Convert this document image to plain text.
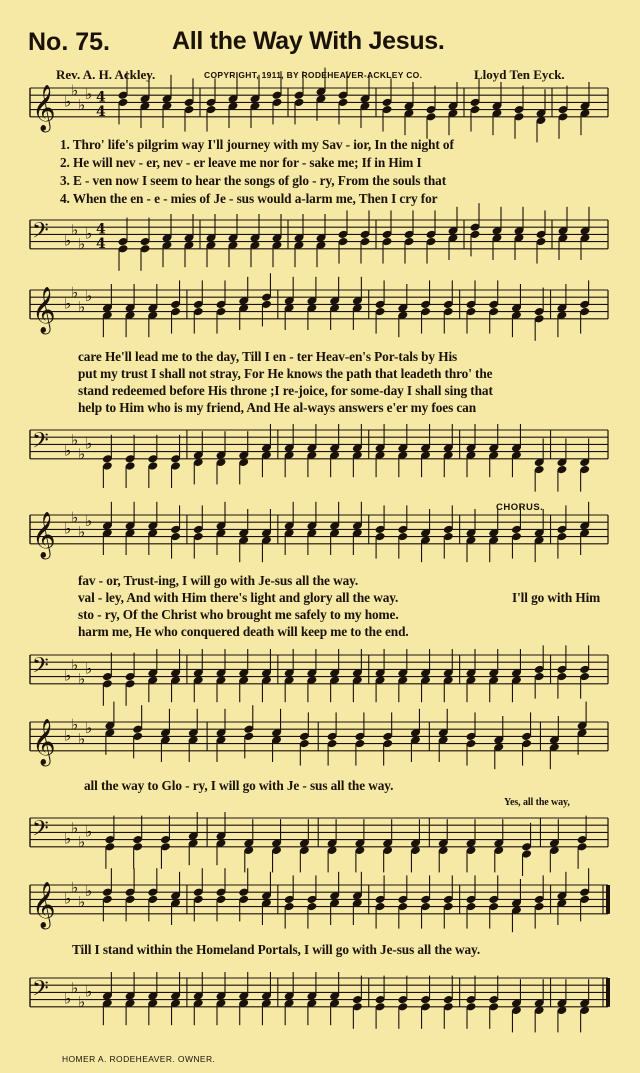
No. 75. All the Way With Jesus.
Rev. A. H. Ackley.	COPYRIGHT, 1911, BY RODEHEAVER-ACKLEY CO.	Lloyd Ten Eyck.
𝄞 ♭
♭
♭
♭ 4
4
1. Thro' life's pilgrim way I'll journey with my Sav - ior, In the night of
2. He will nev - er, nev - er leave me nor for - sake me; If in Him I
3. E - ven now I seem to hear the songs of glo - ry, From the souls that
4. When the en - e - mies of Je - sus would a-larm me, Then I cry for
𝄢 ♭
♭
♭
♭ 4
4
𝄞 ♭
♭
♭
♭
care He'll lead me to the day, Till I en - ter Heav-en's Por-tals by His
put my trust I shall not stray, For He knows the path that leadeth thro' the
stand redeemed before His throne ;I re-joice, for some-day I shall sing that
help to Him who is my friend, And He al-ways answers e'er my foes can
𝄢 ♭
♭
♭
♭
CHORUS.
𝄞 ♭
♭
♭
♭
fav - or, Trust-ing, I will go with Je-sus all the way.
val - ley, And with Him there's light and glory all the way.	I'll go with Him
sto - ry, Of the Christ who brought me safely to my home.
harm me, He who conquered death will keep me to the end.
𝄢 ♭
♭
♭
♭
𝄞 ♭
♭
♭
♭
all the way to Glo - ry, I will go with Je - sus all the way.
Yes, all the way,
𝄢 ♭
♭
♭
♭
𝄞 ♭
♭
♭
♭
Till I stand within the Homeland Portals, I will go with Je-sus all the way.
𝄢 ♭
♭
♭
♭
HOMER A. RODEHEAVER. OWNER.
